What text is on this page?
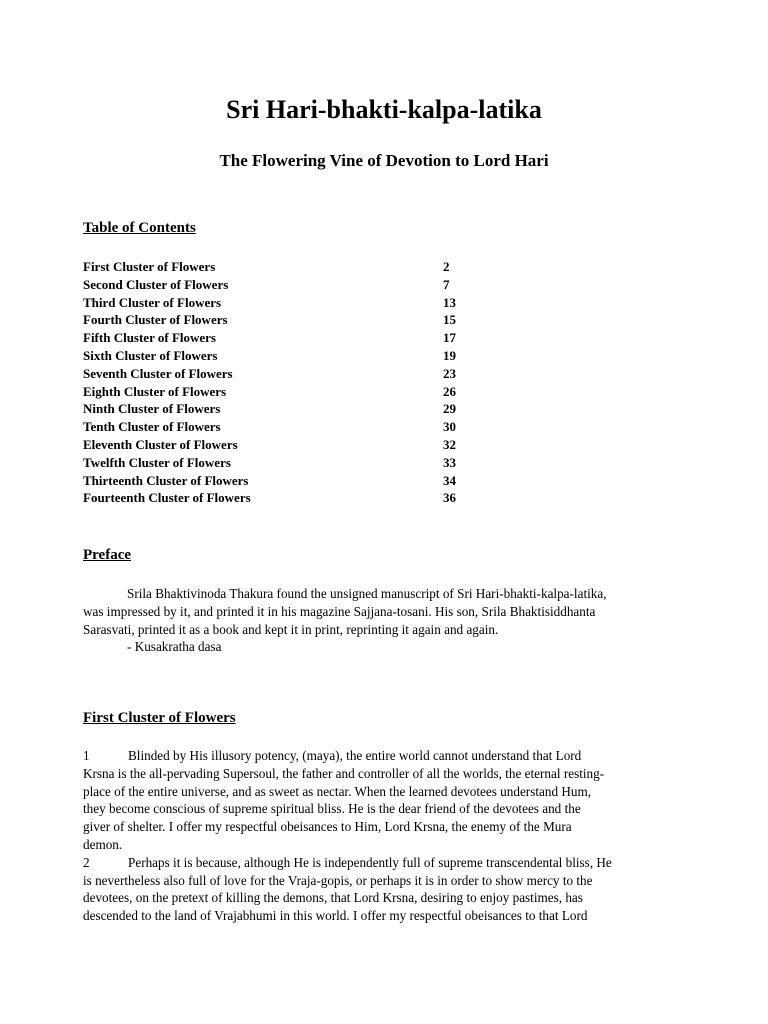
Sri Hari-bhakti-kalpa-latika
The Flowering Vine of Devotion to Lord Hari
Table of Contents
First Cluster of Flowers	2
Second Cluster of Flowers	7
Third Cluster of Flowers	13
Fourth Cluster of Flowers	15
Fifth Cluster of Flowers	17
Sixth Cluster of Flowers	19
Seventh Cluster of Flowers	23
Eighth Cluster of Flowers	26
Ninth Cluster of Flowers	29
Tenth Cluster of Flowers	30
Eleventh Cluster of Flowers	32
Twelfth Cluster of Flowers	33
Thirteenth Cluster of Flowers	34
Fourteenth Cluster of Flowers	36
Preface
Srila Bhaktivinoda Thakura found the unsigned manuscript of Sri Hari-bhakti-kalpa-latika,
was impressed by it, and printed it in his magazine Sajjana-tosani. His son, Srila Bhaktisiddhanta
Sarasvati, printed it as a book and kept it in print, reprinting it again and again.
- Kusakratha dasa
First Cluster of Flowers
1	Blinded by His illusory potency, (maya), the entire world cannot understand that Lord
Krsna is the all-pervading Supersoul, the father and controller of all the worlds, the eternal resting-
place of the entire universe, and as sweet as nectar. When the learned devotees understand Hum,
they become conscious of supreme spiritual bliss. He is the dear friend of the devotees and the
giver of shelter. I offer my respectful obeisances to Him, Lord Krsna, the enemy of the Mura
demon.
2	Perhaps it is because, although He is independently full of supreme transcendental bliss, He
is nevertheless also full of love for the Vraja-gopis, or perhaps it is in order to show mercy to the
devotees, on the pretext of killing the demons, that Lord Krsna, desiring to enjoy pastimes, has
descended to the land of Vrajabhumi in this world. I offer my respectful obeisances to that Lord
